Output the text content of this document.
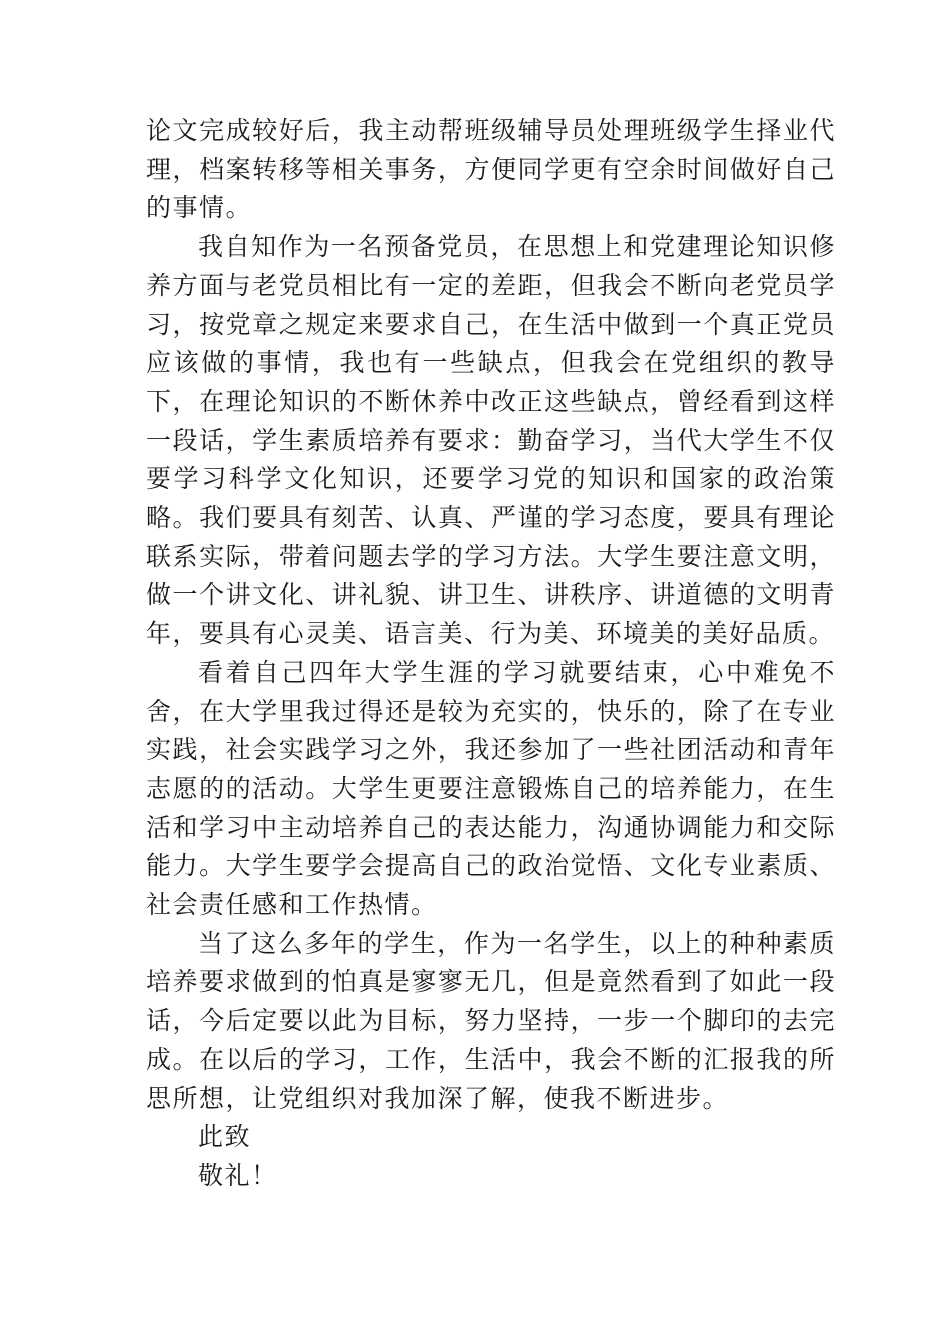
论文完成较好后，我主动帮班级辅导员处理班级学生择业代理，档案转移等相关事务，方便同学更有空余时间做好自己的事情。

我自知作为一名预备党员，在思想上和党建理论知识修养方面与老党员相比有一定的差距，但我会不断向老党员学习，按党章之规定来要求自己，在生活中做到一个真正党员应该做的事情，我也有一些缺点，但我会在党组织的教导下，在理论知识的不断休养中改正这些缺点，曾经看到这样一段话，学生素质培养有要求：勤奋学习，当代大学生不仅要学习科学文化知识，还要学习党的知识和国家的政治策略。我们要具有刻苦、认真、严谨的学习态度，要具有理论联系实际，带着问题去学的学习方法。大学生要注意文明，做一个讲文化、讲礼貌、讲卫生、讲秩序、讲道德的文明青年，要具有心灵美、语言美、行为美、环境美的美好品质。

看着自己四年大学生涯的学习就要结束，心中难免不舍，在大学里我过得还是较为充实的，快乐的，除了在专业实践，社会实践学习之外，我还参加了一些社团活动和青年志愿的的活动。大学生更要注意锻炼自己的培养能力，在生活和学习中主动培养自己的表达能力，沟通协调能力和交际能力。大学生要学会提高自己的政治觉悟、文化专业素质、社会责任感和工作热情。

当了这么多年的学生，作为一名学生，以上的种种素质培养要求做到的怕真是寥寥无几，但是竟然看到了如此一段话，今后定要以此为目标，努力坚持，一步一个脚印的去完成。在以后的学习，工作，生活中，我会不断的汇报我的所思所想，让党组织对我加深了解，使我不断进步。

此致

敬礼！
